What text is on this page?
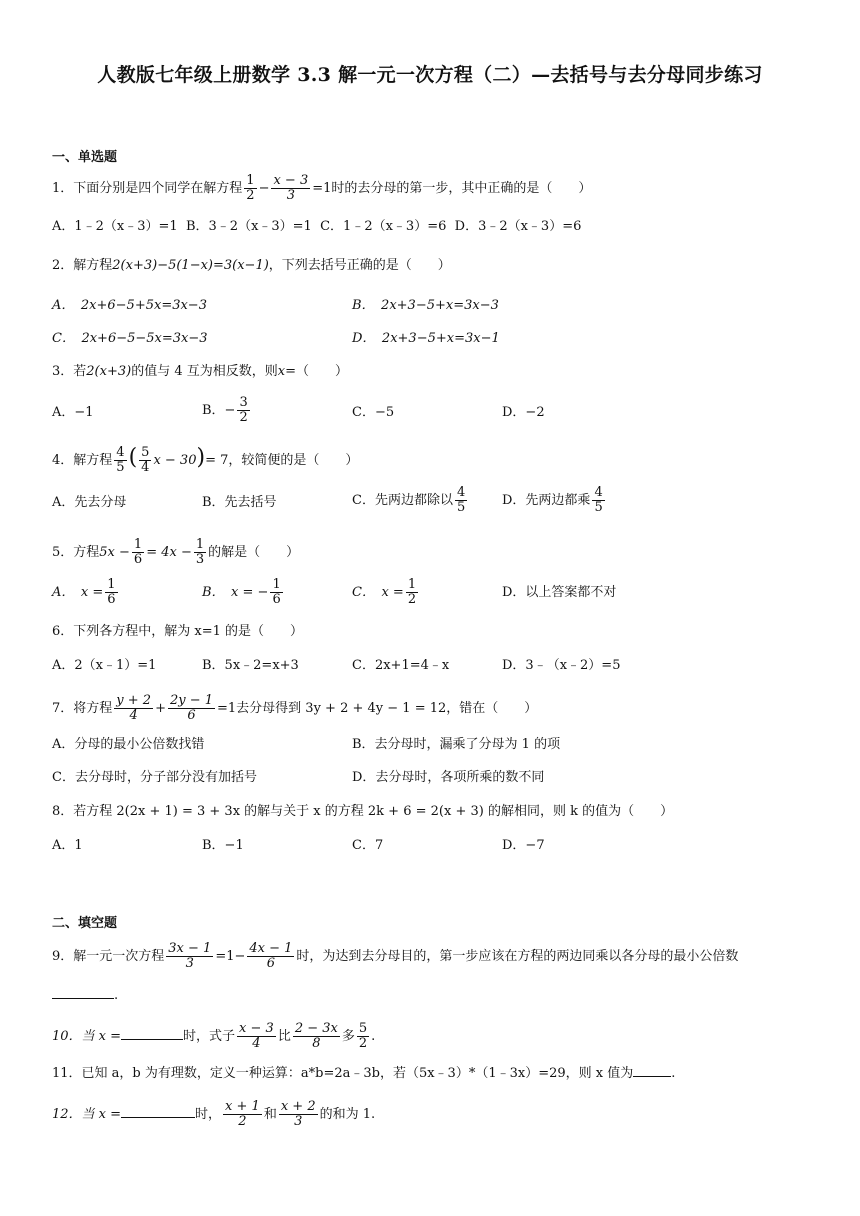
人教版七年级上册数学 3.3 解一元一次方程（二）—去括号与去分母同步练习
一、单选题
1．下面分别是四个同学在解方程 $\frac{1}{2} - \frac{x - 3}{3} =1$时的去分母的第一步，其中正确的是（　　）
A．1﹣2（x﹣3）=1 B．3﹣2（x﹣3）=1 C．1﹣2（x﹣3）=6 D．3﹣2（x﹣3）=6
2．解方程2(x+3)−5(1−x)=3(x−1)，下列去括号正确的是（　　）
A．　2x+6−5+5x=3x−3	B．　2x+3−5+x=3x−3
C．　2x+6−5−5x=3x−3	D．　2x+3−5+x=3x−1
3．若2(x+3)的值与 4 互为相反数，则x=（　　）
A．−1	B．− $\frac{3}{2}$	C．−5	D．−2
4．解方程 $\frac{4}{5}$ ( $\frac{5}{4}$ x − 30)= 7，较简便的是（　　）
A．先去分母	B．先去括号	C．先两边都除以 $\frac{4}{5}$	D．先两边都乘 $\frac{4}{5}$
5．方程$5x - \frac{1}{6} = 4x - \frac{1}{3}$ 的解是（　　）
A．　$x = \frac{1}{6}$	B．　x = − $\frac{1}{6}$	C．　$x = \frac{1}{2}$	D．以上答案都不对
6．下列各方程中，解为 x=1 的是（　　）
A．2（x﹣1）=1	B．5x﹣2=x+3	C．2x+1=4﹣x	D．3﹣（x﹣2）=5
7．将方程 $\frac{y + 2}{4} + \frac{2y - 1}{6} =1$去分母得到 3y + 2 + 4y − 1 = 12，错在（　　）
A．分母的最小公倍数找错	B．去分母时，漏乘了分母为 1 的项
C．去分母时，分子部分没有加括号	D．去分母时，各项所乘的数不同
8．若方程 2(2x + 1) = 3 + 3x 的解与关于 x 的方程 2k + 6 = 2(x + 3) 的解相同，则 k 的值为（　　）
A．1	B．−1	C．7	D．−7
二、填空题
9．解一元一次方程 $\frac{3x - 1}{3} =1- \frac{4x - 1}{6}$ 时，为达到去分母目的，第一步应该在方程的两边同乘以各分母的最小公倍数
.
10．当 x =	时，式子 $\frac{x - 3}{4}$ 比 $\frac{2 - 3x}{8}$ 多 $\frac{5}{2}$ .
11．已知 a，b 为有理数，定义一种运算：a*b=2a﹣3b，若（5x﹣3）*（1﹣3x）=29，则 x 值为	.
12．当 x =	时， $\frac{x + 1}{2}$ 和 $\frac{x + 2}{3}$ 的和为 1.
